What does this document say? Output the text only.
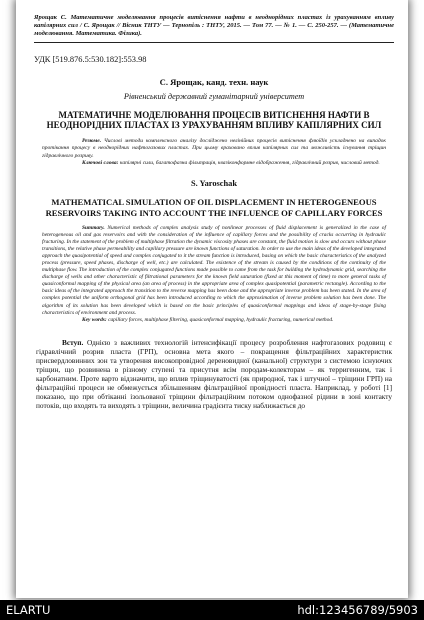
Ярощак С. Математичне моделювання процесів витіснення нафти в неоднорідних пластах із урахуванням впливу капілярних сил / С. Ярощак // Вісник ТНТУ — Тернопіль : ТНТУ, 2015. — Том 77. — № 1. — С. 250-257. — (Математичне моделювання. Математика. Фізика).

УДК [519.876.5:530.182]:553.98

С. Ярощак, канд. техн. наук

Рівненський державний гуманітарний університет

МАТЕМАТИЧНЕ МОДЕЛЮВАННЯ ПРОЦЕСІВ ВИТІСНЕННЯ НАФТИ В НЕОДНОРІДНИХ ПЛАСТАХ ІЗ УРАХУВАННЯМ ВПЛИВУ КАПІЛЯРНИХ СИЛ

Резюме. Числові методи комплексного аналізу досліджено нелінійних процесів витіснення флюїдів ускладнено на випадок протікання процесу в неоднорідних нафтогазових пластах. При цьому враховано вплив капілярних сил та можливість існування тріщин гідравлічного розриву.

Ключові слова: капілярні сили, багатофазна фільтрація, квазіконформне відображення, гідравлічний розрив, числовий метод.

S. Yaroschak

MATHEMATICAL SIMULATION OF OIL DISPLACEMENT IN HETEROGENEOUS RESERVOIRS TAKING INTO ACCOUNT THE INFLUENCE OF CAPILLARY FORCES

Summary. Numerical methods of complex analysis study of nonlinear processes of fluid displacement is generalized in the case of heterogeneous oil and gas reservoirs and with the consideration of the influence of capillary forces and the possibility of cracks occurring in hydraulic fracturing. In the statement of the problem of multiphase filtration the dynamic viscosity phases are constant, the fluid motion is slow and occurs without phase transitions, the relative phase permeability and capillary pressure are known functions of saturation. In order to use the main ideas of the developed integrated approach the quasipotential of speed and complex conjugated to it the stream function is introduced, basing on which the basic characteristics of the analyzed process (pressure, speed phases, discharge of well, etc.) are calculated. The existence of the stream is caused by the conditions of the continuity of the multiphase flow. The introduction of the complex conjugated functions made possible to came from the task for building the hydrodynamic grid, searching the discharge of wells and other characteristic of filtrational parameters for the known field saturation (fixed at this moment of time) to more general tasks of quasiconformal mapping of the physical area (an area of process) in the appropriate area of complex quasipotential (parametric rectangle). According to the basic ideas of the integrated approach the transition to the reverse mapping has been done and the appropriate inverse problem has been stated. In the area of complex potential the uniform orthogonal grid has been introduced according to which the approximation of inverse problem solution has been done. The algorithm of its solution has been developed which is based on the basic principles of quasiconformal mappings and ideas of stage-by-stage fixing characteristics of environment and process.

Key words: capillary forces, multiphase filtering, quasiconformal mapping, hydraulic fracturing, numerical method.

Вступ. Однією з важливих технологій інтенсифікації процесу розроблення нафтогазових родовищ є гідравлічний розрив пласта (ГРП), основна мета якого – покращення фільтраційних характеристик присвердловинних зон та утворення високопровідної дереновидної (канальної) структури з системою існуючих тріщин, що розвинена в різному ступені та присутня всім породам-колекторам – як терригенним, так і карбонатним. Проте варто відзначити, що вплив тріщинуватості (як природної, так і штучної – тріщини ГРП) на фільтраційні процеси не обмежується збільшенням фільтраційної провідності пласта. Наприклад, у роботі [1] показано, що при обтіканні ізольованої тріщини фільтраційним потоком однофазної рідини в зоні контакту потоків, що входять та виходять з тріщини, величина градієнта тиску наближається до

ELARTU	hdl:123456789/5903
